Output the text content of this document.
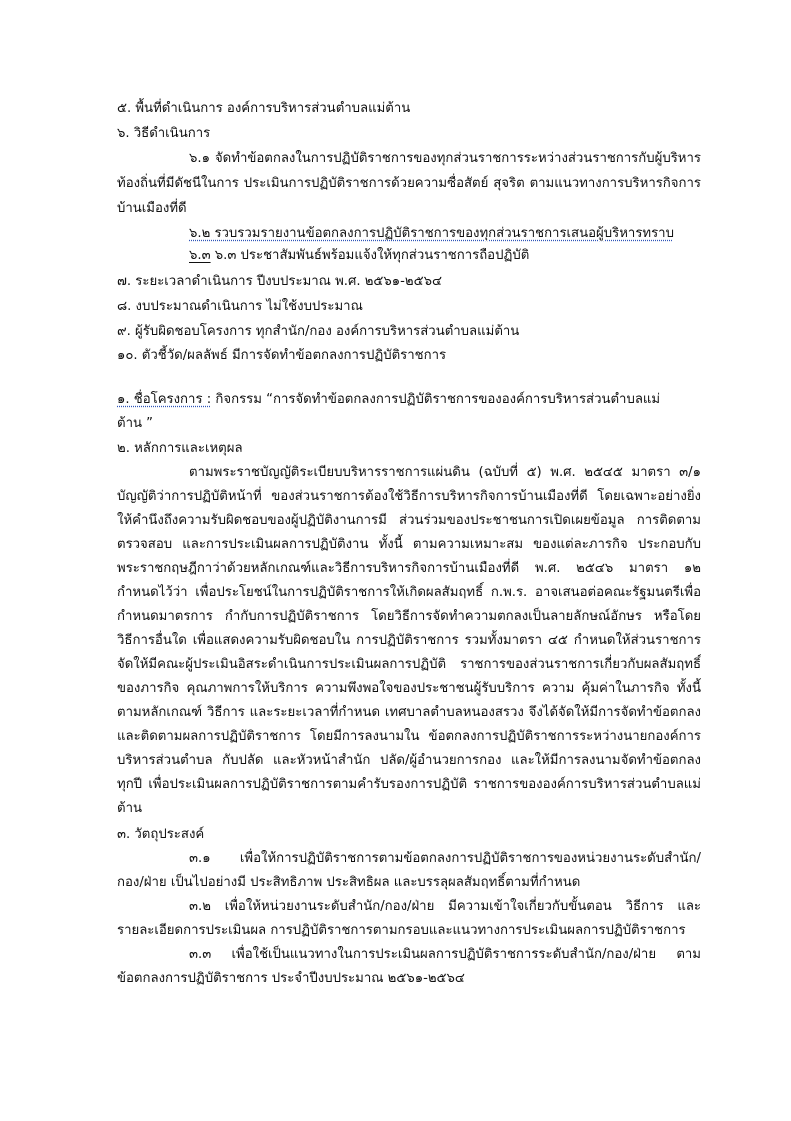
๕. พื้นที่ดำเนินการ องค์การบริหารส่วนตำบลแม่ต้าน
๖. วิธีดำเนินการ
๖.๑ จัดทำข้อตกลงในการปฏิบัติราชการของทุกส่วนราชการระหว่างส่วนราชการกับผู้บริหาร
ท้องถิ่นที่มีดัชนีในการ ประเมินการปฏิบัติราชการด้วยความซื่อสัตย์ สุจริต ตามแนวทางการบริหารกิจการ
บ้านเมืองที่ดี
๖.๒ รวบรวมรายงานข้อตกลงการปฏิบัติราชการของทุกส่วนราชการเสนอผู้บริหารทราบ
๖.๓ ๖.๓ ประชาสัมพันธ์พร้อมแจ้งให้ทุกส่วนราชการถือปฏิบัติ
๗. ระยะเวลาดำเนินการ ปีงบประมาณ พ.ศ. ๒๕๖๑-๒๕๖๔
๘. งบประมาณดำเนินการ ไม่ใช้งบประมาณ
๙. ผู้รับผิดชอบโครงการ ทุกสำนัก/กอง องค์การบริหารส่วนตำบลแม่ต้าน
๑๐. ตัวชี้วัด/ผลลัพธ์ มีการจัดทำข้อตกลงการปฏิบัติราชการ
๑. ชื่อโครงการ : กิจกรรม “การจัดทำข้อตกลงการปฏิบัติราชการขององค์การบริหารส่วนตำบลแม่
ต้าน ”
๒. หลักการและเหตุผล
ตามพระราชบัญญัติระเบียบบริหารราชการแผ่นดิน (ฉบับที่ ๕) พ.ศ. ๒๕๔๕ มาตรา ๓/๑
บัญญัติว่าการปฏิบัติหน้าที่ ของส่วนราชการต้องใช้วิธีการบริหารกิจการบ้านเมืองที่ดี โดยเฉพาะอย่างยิ่ง
ให้คำนึงถึงความรับผิดชอบของผู้ปฏิบัติงานการมี ส่วนร่วมของประชาชนการเปิดเผยข้อมูล การติดตาม
ตรวจสอบ และการประเมินผลการปฏิบัติงาน ทั้งนี้ ตามความเหมาะสม ของแต่ละภารกิจ ประกอบกับ
พระราชกฤษฎีกาว่าด้วยหลักเกณฑ์และวิธีการบริหารกิจการบ้านเมืองที่ดี พ.ศ. ๒๕๔๖ มาตรา ๑๒
กำหนดไว้ว่า เพื่อประโยชน์ในการปฏิบัติราชการให้เกิดผลสัมฤทธิ์ ก.พ.ร. อาจเสนอต่อคณะรัฐมนตรีเพื่อ
กำหนดมาตรการ กำกับการปฏิบัติราชการ โดยวิธีการจัดทำความตกลงเป็นลายลักษณ์อักษร หรือโดย
วิธีการอื่นใด เพื่อแสดงความรับผิดชอบใน การปฏิบัติราชการ รวมทั้งมาตรา ๔๕ กำหนดให้ส่วนราชการ
จัดให้มีคณะผู้ประเมินอิสระดำเนินการประเมินผลการปฏิบัติ ราชการของส่วนราชการเกี่ยวกับผลสัมฤทธิ์
ของภารกิจ คุณภาพการให้บริการ ความพึงพอใจของประชาชนผู้รับบริการ ความ คุ้มค่าในภารกิจ ทั้งนี้
ตามหลักเกณฑ์ วิธีการ และระยะเวลาที่กำหนด เทศบาลตำบลหนองสรวง จึงได้จัดให้มีการจัดทำข้อตกลง
และติดตามผลการปฏิบัติราชการ โดยมีการลงนามใน ข้อตกลงการปฏิบัติราชการระหว่างนายกองค์การ
บริหารส่วนตำบล กับปลัด และหัวหน้าสำนัก ปลัด/ผู้อำนวยการกอง และให้มีการลงนามจัดทำข้อตกลง
ทุกปี เพื่อประเมินผลการปฏิบัติราชการตามคำรับรองการปฏิบัติ ราชการขององค์การบริหารส่วนตำบลแม่
ต้าน
๓. วัตถุประสงค์
๓.๑ เพื่อให้การปฏิบัติราชการตามข้อตกลงการปฏิบัติราชการของหน่วยงานระดับสำนัก/
กอง/ฝ่าย เป็นไปอย่างมี ประสิทธิภาพ ประสิทธิผล และบรรลุผลสัมฤทธิ์ตามที่กำหนด
๓.๒ เพื่อให้หน่วยงานระดับสำนัก/กอง/ฝ่าย มีความเข้าใจเกี่ยวกับขั้นตอน วิธีการ และ
รายละเอียดการประเมินผล การปฏิบัติราชการตามกรอบและแนวทางการประเมินผลการปฏิบัติราชการ
๓.๓ เพื่อใช้เป็นแนวทางในการประเมินผลการปฏิบัติราชการระดับสำนัก/กอง/ฝ่าย ตาม
ข้อตกลงการปฏิบัติราชการ ประจำปีงบประมาณ ๒๕๖๑-๒๕๖๔
